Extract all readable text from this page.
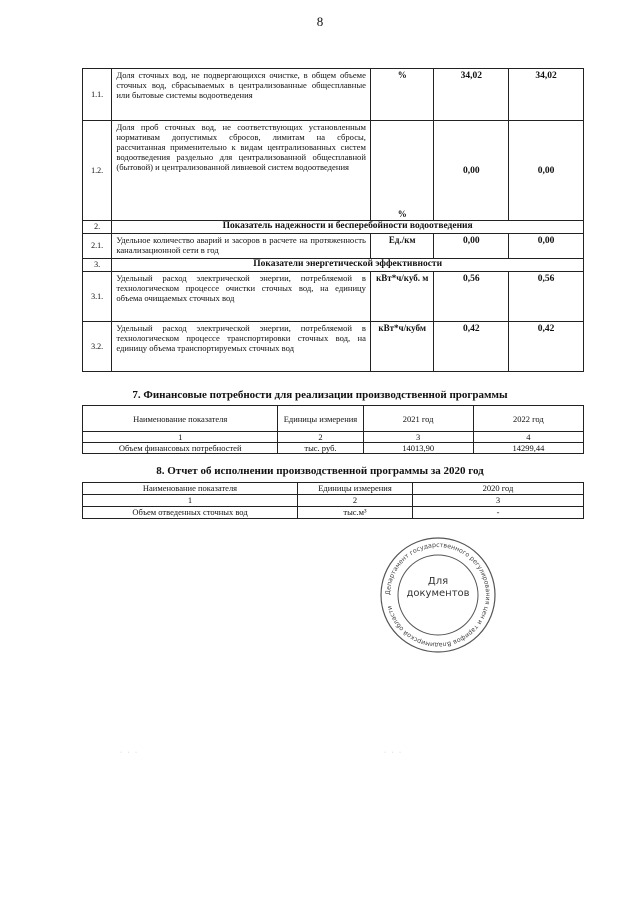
8
1.1.	Доля сточных вод, не подвергающихся очистке, в общем объеме сточных вод, сбрасываемых в централизованные общесплавные или бытовые системы водоотведения	%	34,02	34,02
1.2.	Доля проб сточных вод, не соответствующих установленным нормативам допустимых сбросов, лимитам на сбросы, рассчитанная применительно к видам централизованных систем водоотведения раздельно для централизованной общесплавной (бытовой) и централизованной ливневой систем водоотведения	%	0,00	0,00
2.	Показатель надежности и бесперебойности водоотведения			
2.1.	Удельное количество аварий и засоров в расчете на протяженность канализационной сети в год	Ед./км	0,00	0,00
3.	Показатели энергетической эффективности			
3.1.	Удельный расход электрической энергии, потребляемой в технологическом процессе очистки сточных вод, на единицу объема очищаемых сточных вод	кВт*ч/куб. м	0,56	0,56
3.2.	Удельный расход электрической энергии, потребляемой в технологическом процессе транспортировки сточных вод, на единицу объема транспортируемых сточных вод	кВт*ч/кубм	0,42	0,42
7. Финансовые потребности для реализации производственной программы
Наименование показателя	Единицы измерения	2021 год	2022 год
1	2	3	4
Объем финансовых потребностей	тыс. руб.	14013,90	14299,44
8. Отчет об исполнении производственной программы за 2020 год
Наименование показателя	Единицы измерения	2020 год
1	2	3
Объем отведенных сточных вод	тыс.м³	-
Департамент государственного регулирования цен и тарифов Владимирской области
Для
документов
· · ·	· · ·
